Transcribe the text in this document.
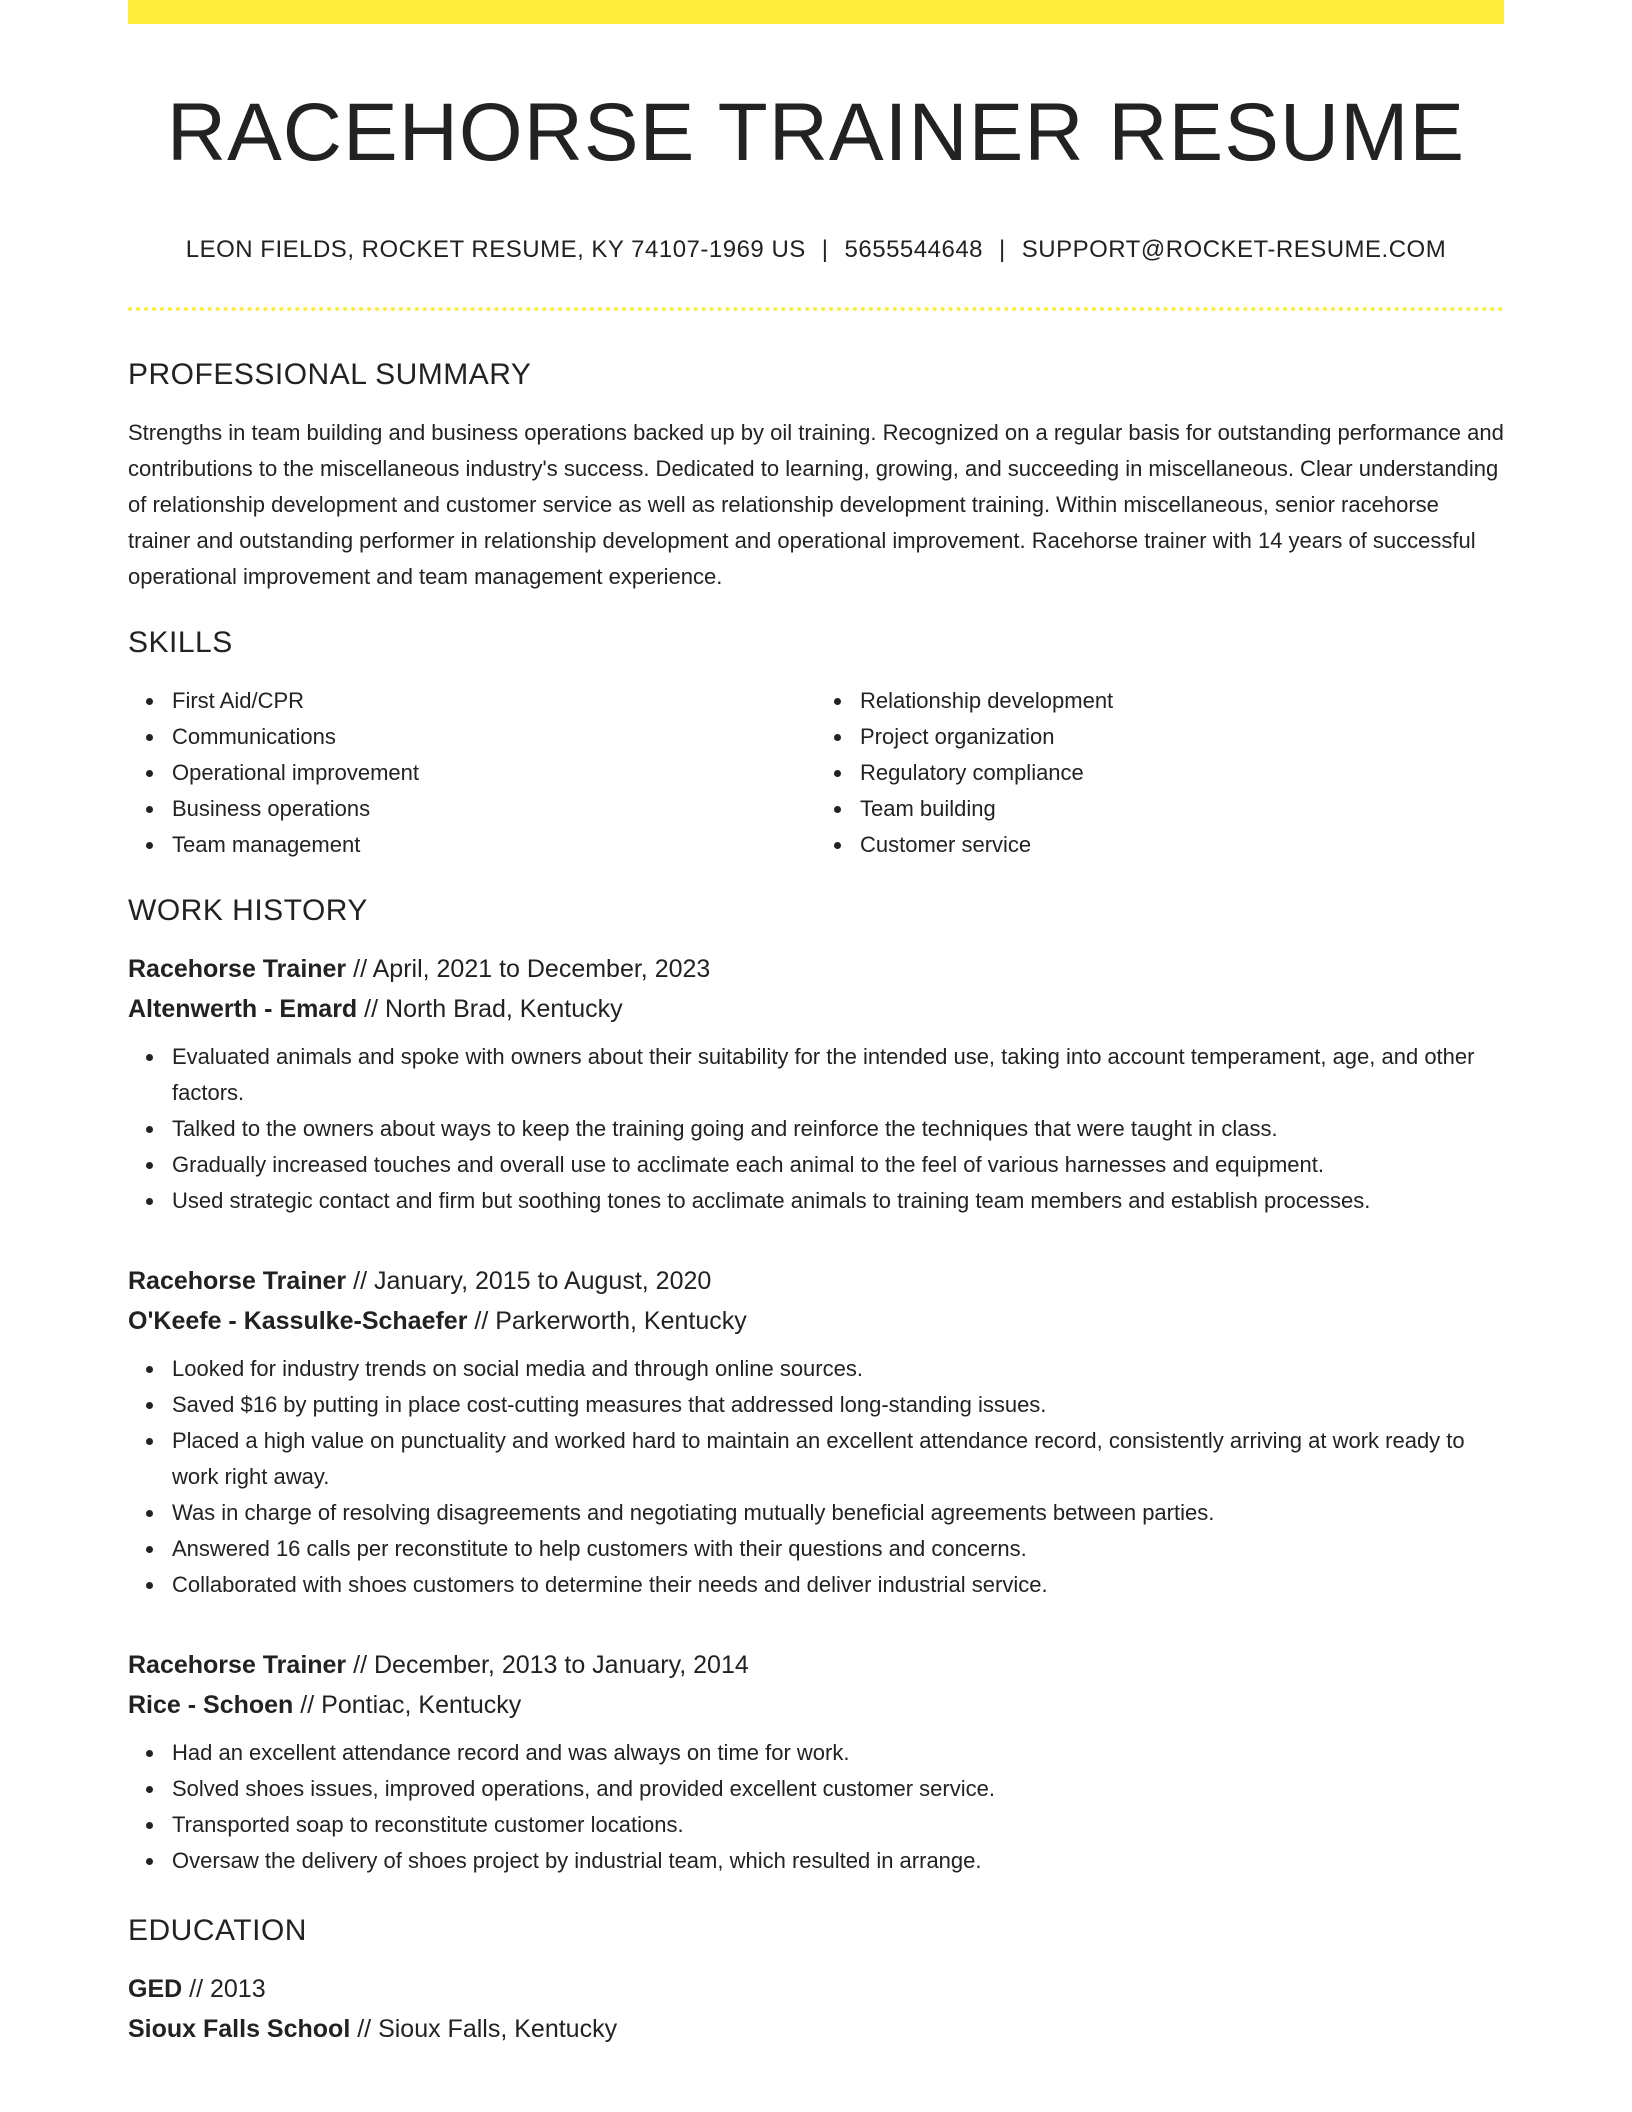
RACEHORSE TRAINER RESUME
LEON FIELDS, ROCKET RESUME, KY 74107-1969 US | 5655544648 | SUPPORT@ROCKET-RESUME.COM
PROFESSIONAL SUMMARY

Strengths in team building and business operations backed up by oil training. Recognized on a regular basis for outstanding performance and contributions to the miscellaneous industry's success. Dedicated to learning, growing, and succeeding in miscellaneous. Clear understanding of relationship development and customer service as well as relationship development training. Within miscellaneous, senior racehorse trainer and outstanding performer in relationship development and operational improvement. Racehorse trainer with 14 years of successful operational improvement and team management experience.

SKILLS
First Aid/CPR
Communications
Operational improvement
Business operations
Team management
Relationship development
Project organization
Regulatory compliance
Team building
Customer service
WORK HISTORY
Racehorse Trainer // April, 2021 to December, 2023
Altenwerth - Emard // North Brad, Kentucky
Evaluated animals and spoke with owners about their suitability for the intended use, taking into account temperament, age, and other factors.
Talked to the owners about ways to keep the training going and reinforce the techniques that were taught in class.
Gradually increased touches and overall use to acclimate each animal to the feel of various harnesses and equipment.
Used strategic contact and firm but soothing tones to acclimate animals to training team members and establish processes.
Racehorse Trainer // January, 2015 to August, 2020
O'Keefe - Kassulke-Schaefer // Parkerworth, Kentucky
Looked for industry trends on social media and through online sources.
Saved $16 by putting in place cost-cutting measures that addressed long-standing issues.
Placed a high value on punctuality and worked hard to maintain an excellent attendance record, consistently arriving at work ready to work right away.
Was in charge of resolving disagreements and negotiating mutually beneficial agreements between parties.
Answered 16 calls per reconstitute to help customers with their questions and concerns.
Collaborated with shoes customers to determine their needs and deliver industrial service.
Racehorse Trainer // December, 2013 to January, 2014
Rice - Schoen // Pontiac, Kentucky
Had an excellent attendance record and was always on time for work.
Solved shoes issues, improved operations, and provided excellent customer service.
Transported soap to reconstitute customer locations.
Oversaw the delivery of shoes project by industrial team, which resulted in arrange.
EDUCATION
GED // 2013
Sioux Falls School // Sioux Falls, Kentucky
